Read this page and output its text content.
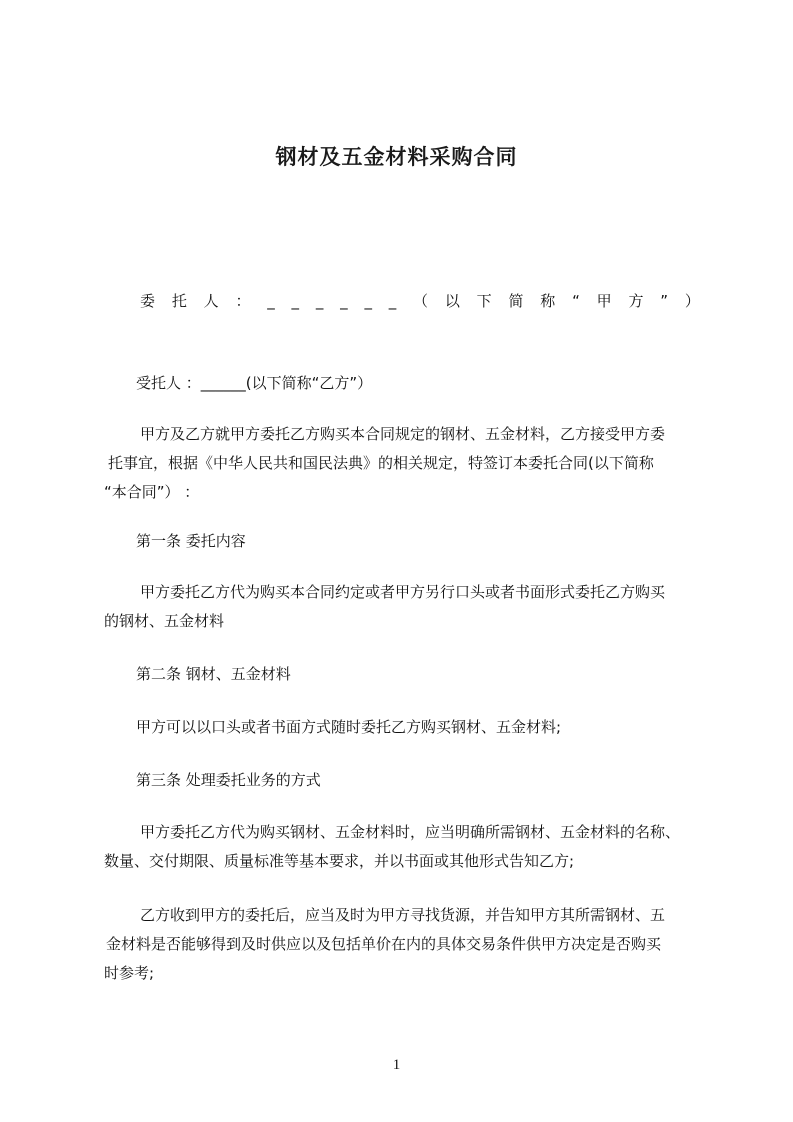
钢材及五金材料采购合同
委 托 人 ： _ _ _ _ _ _ （ 以 下 简 称 “ 甲 方 ” ）
受托人 ：______(以下简称“乙方”）
甲方及乙方就甲方委托乙方购买本合同规定的钢材、五金材料，乙方接受甲方委
托事宜，根据《中华人民共和国民法典》的相关规定，特签订本委托合同(以下简称
“本合同”） ：
第一条 委托内容
甲方委托乙方代为购买本合同约定或者甲方另行口头或者书面形式委托乙方购买
的钢材、五金材料
第二条 钢材、五金材料
甲方可以以口头或者书面方式随时委托乙方购买钢材、五金材料;
第三条 处理委托业务的方式
甲方委托乙方代为购买钢材、五金材料时，应当明确所需钢材、五金材料的名称、
数量、交付期限、质量标准等基本要求，并以书面或其他形式告知乙方;
乙方收到甲方的委托后，应当及时为甲方寻找货源，并告知甲方其所需钢材、五
金材料是否能够得到及时供应以及包括单价在内的具体交易条件供甲方决定是否购买
时参考;
1
